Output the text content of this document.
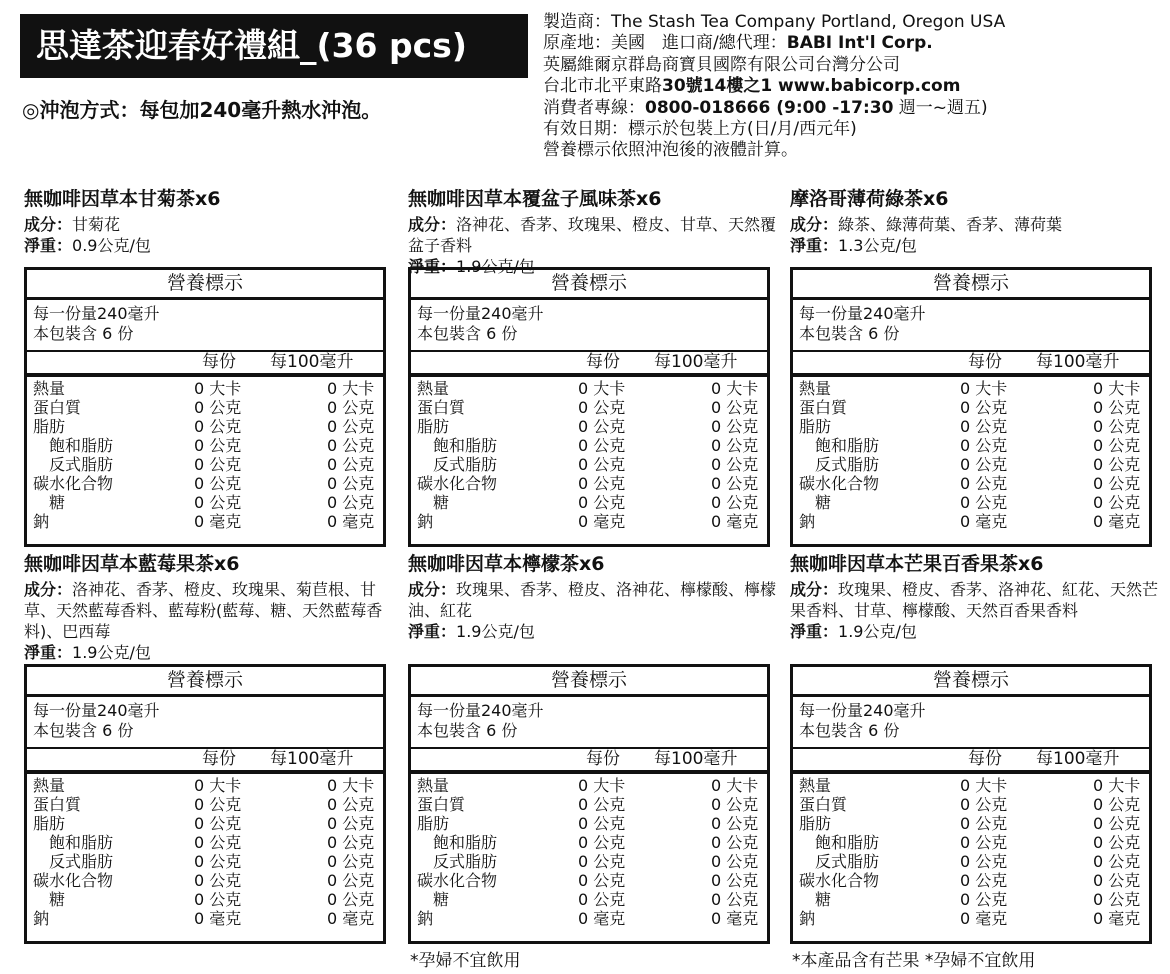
思達茶迎春好禮組_(36 pcs)
◎沖泡方式：每包加240毫升熱水沖泡。
製造商：The Stash Tea Company Portland, Oregon USA
原產地：美國　進口商/總代理：BABI Int'l Corp.
英屬維爾京群島商寶貝國際有限公司台灣分公司
台北市北平東路30號14樓之1 www.babicorp.com
消費者專線：0800-018666 (9:00 -17:30 週一~週五)
有效日期：標示於包裝上方(日/月/西元年)
營養標示依照沖泡後的液體計算。
無咖啡因草本甘菊茶x6
成分：甘菊花
淨重：0.9公克/包
營養標示
每一份量240毫升
本包裝含 6 份
每份 每100毫升
熱量	0 大卡	0 大卡
蛋白質	0 公克	0 公克
脂肪	0 公克	0 公克
飽和脂肪	0 公克	0 公克
反式脂肪	0 公克	0 公克
碳水化合物	0 公克	0 公克
糖	0 公克	0 公克
鈉	0 毫克	0 毫克
無咖啡因草本覆盆子風味茶x6
成分：洛神花、香茅、玫瑰果、橙皮、甘草、天然覆盆子香料
淨重：1.9公克/包
營養標示
每一份量240毫升
本包裝含 6 份
每份 每100毫升
熱量	0 大卡	0 大卡
蛋白質	0 公克	0 公克
脂肪	0 公克	0 公克
飽和脂肪	0 公克	0 公克
反式脂肪	0 公克	0 公克
碳水化合物	0 公克	0 公克
糖	0 公克	0 公克
鈉	0 毫克	0 毫克
摩洛哥薄荷綠茶x6
成分：綠茶、綠薄荷葉、香茅、薄荷葉
淨重：1.3公克/包
營養標示
每一份量240毫升
本包裝含 6 份
每份 每100毫升
熱量	0 大卡	0 大卡
蛋白質	0 公克	0 公克
脂肪	0 公克	0 公克
飽和脂肪	0 公克	0 公克
反式脂肪	0 公克	0 公克
碳水化合物	0 公克	0 公克
糖	0 公克	0 公克
鈉	0 毫克	0 毫克
無咖啡因草本藍莓果茶x6
成分：洛神花、香茅、橙皮、玫瑰果、菊苣根、甘草、天然藍莓香料、藍莓粉(藍莓、糖、天然藍莓香料)、巴西莓
淨重：1.9公克/包
營養標示
每一份量240毫升
本包裝含 6 份
每份 每100毫升
熱量	0 大卡	0 大卡
蛋白質	0 公克	0 公克
脂肪	0 公克	0 公克
飽和脂肪	0 公克	0 公克
反式脂肪	0 公克	0 公克
碳水化合物	0 公克	0 公克
糖	0 公克	0 公克
鈉	0 毫克	0 毫克
無咖啡因草本檸檬茶x6
成分：玫瑰果、香茅、橙皮、洛神花、檸檬酸、檸檬油、紅花
淨重：1.9公克/包
營養標示
每一份量240毫升
本包裝含 6 份
每份 每100毫升
熱量	0 大卡	0 大卡
蛋白質	0 公克	0 公克
脂肪	0 公克	0 公克
飽和脂肪	0 公克	0 公克
反式脂肪	0 公克	0 公克
碳水化合物	0 公克	0 公克
糖	0 公克	0 公克
鈉	0 毫克	0 毫克
無咖啡因草本芒果百香果茶x6
成分：玫瑰果、橙皮、香茅、洛神花、紅花、天然芒果香料、甘草、檸檬酸、天然百香果香料
淨重：1.9公克/包
營養標示
每一份量240毫升
本包裝含 6 份
每份 每100毫升
熱量	0 大卡	0 大卡
蛋白質	0 公克	0 公克
脂肪	0 公克	0 公克
飽和脂肪	0 公克	0 公克
反式脂肪	0 公克	0 公克
碳水化合物	0 公克	0 公克
糖	0 公克	0 公克
鈉	0 毫克	0 毫克
*孕婦不宜飲用	*本產品含有芒果 *孕婦不宜飲用
